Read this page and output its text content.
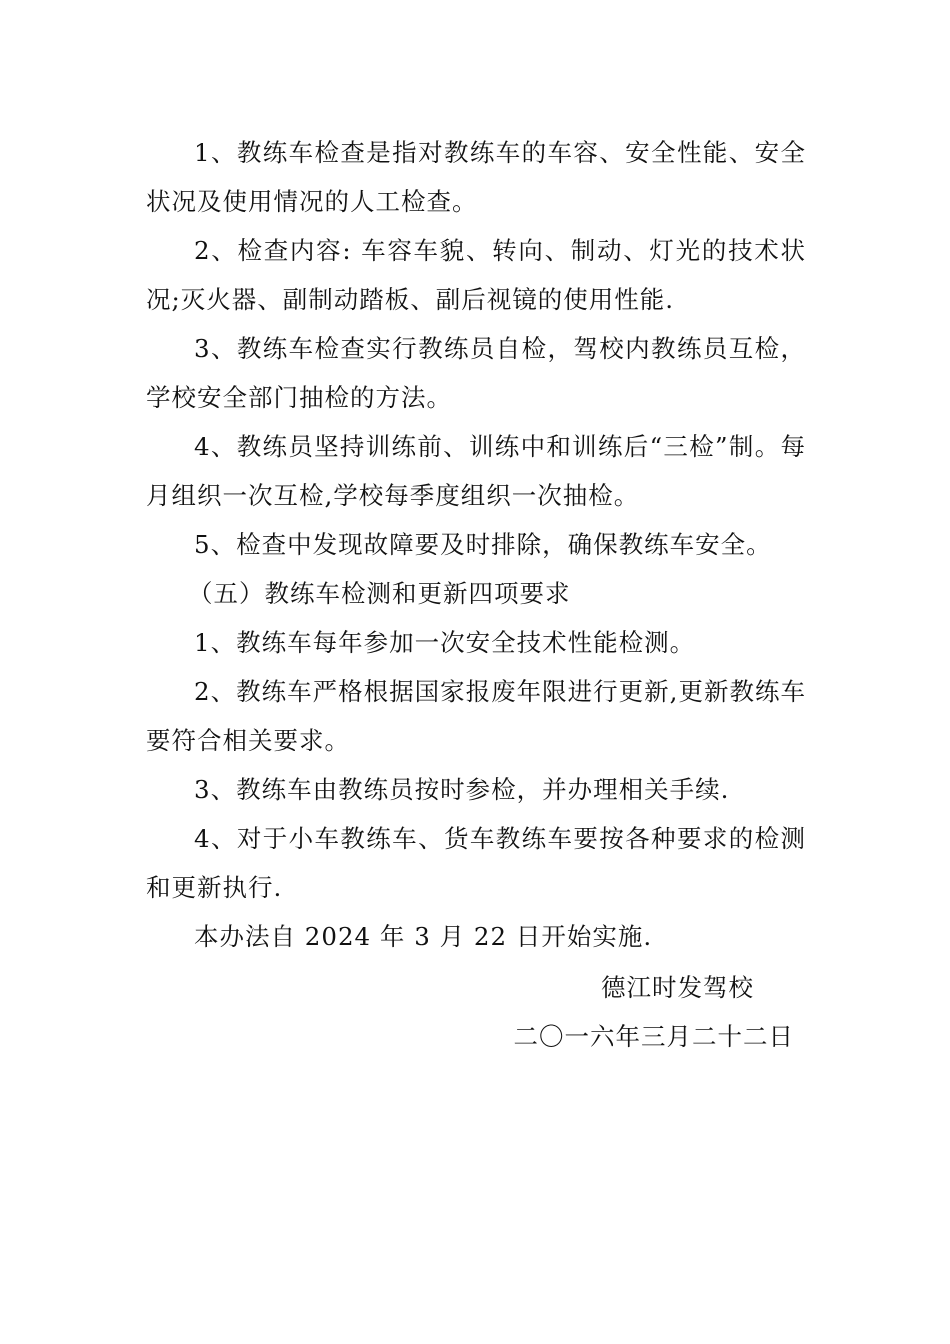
1、教练车检查是指对教练车的车容、安全性能、安全状况及使用情况的人工检查。

2、检查内容: 车容车貌、转向、制动、灯光的技术状况;灭火器、副制动踏板、副后视镜的使用性能.

3、教练车检查实行教练员自检，驾校内教练员互检，学校安全部门抽检的方法。

4、教练员坚持训练前、训练中和训练后“三检”制。每月组织一次互检,学校每季度组织一次抽检。

5、检查中发现故障要及时排除，确保教练车安全。

（五）教练车检测和更新四项要求

1、教练车每年参加一次安全技术性能检测。

2、教练车严格根据国家报废年限进行更新,更新教练车要符合相关要求。

3、教练车由教练员按时参检，并办理相关手续.

4、对于小车教练车、货车教练车要按各种要求的检测和更新执行.

本办法自 2024 年 3 月 22 日开始实施.

德江时发驾校

二〇一六年三月二十二日
